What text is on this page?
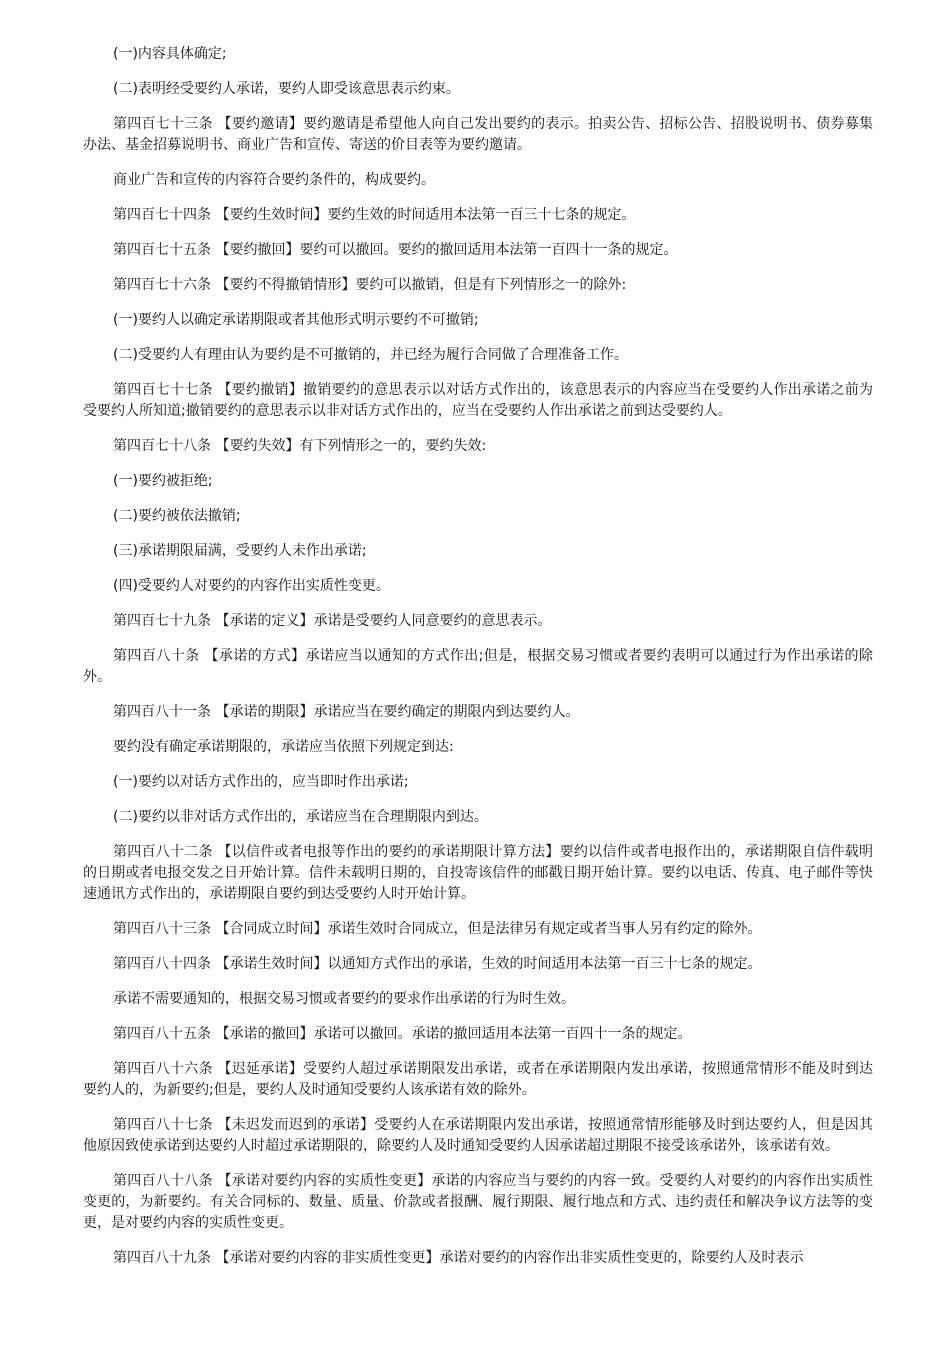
(一)内容具体确定;

(二)表明经受要约人承诺，要约人即受该意思表示约束。

第四百七十三条 【要约邀请】要约邀请是希望他人向自己发出要约的表示。拍卖公告、招标公告、招股说明书、债券募集办法、基金招募说明书、商业广告和宣传、寄送的价目表等为要约邀请。

商业广告和宣传的内容符合要约条件的，构成要约。

第四百七十四条 【要约生效时间】要约生效的时间适用本法第一百三十七条的规定。

第四百七十五条 【要约撤回】要约可以撤回。要约的撤回适用本法第一百四十一条的规定。

第四百七十六条 【要约不得撤销情形】要约可以撤销，但是有下列情形之一的除外:

(一)要约人以确定承诺期限或者其他形式明示要约不可撤销;

(二)受要约人有理由认为要约是不可撤销的，并已经为履行合同做了合理准备工作。

第四百七十七条 【要约撤销】撤销要约的意思表示以对话方式作出的，该意思表示的内容应当在受要约人作出承诺之前为受要约人所知道;撤销要约的意思表示以非对话方式作出的，应当在受要约人作出承诺之前到达受要约人。

第四百七十八条 【要约失效】有下列情形之一的，要约失效:

(一)要约被拒绝;

(二)要约被依法撤销;

(三)承诺期限届满，受要约人未作出承诺;

(四)受要约人对要约的内容作出实质性变更。

第四百七十九条 【承诺的定义】承诺是受要约人同意要约的意思表示。

第四百八十条 【承诺的方式】承诺应当以通知的方式作出;但是，根据交易习惯或者要约表明可以通过行为作出承诺的除外。

第四百八十一条 【承诺的期限】承诺应当在要约确定的期限内到达要约人。

要约没有确定承诺期限的，承诺应当依照下列规定到达:

(一)要约以对话方式作出的，应当即时作出承诺;

(二)要约以非对话方式作出的，承诺应当在合理期限内到达。

第四百八十二条 【以信件或者电报等作出的要约的承诺期限计算方法】要约以信件或者电报作出的，承诺期限自信件载明的日期或者电报交发之日开始计算。信件未载明日期的，自投寄该信件的邮戳日期开始计算。要约以电话、传真、电子邮件等快速通讯方式作出的，承诺期限自要约到达受要约人时开始计算。

第四百八十三条 【合同成立时间】承诺生效时合同成立，但是法律另有规定或者当事人另有约定的除外。

第四百八十四条 【承诺生效时间】以通知方式作出的承诺，生效的时间适用本法第一百三十七条的规定。

承诺不需要通知的，根据交易习惯或者要约的要求作出承诺的行为时生效。

第四百八十五条 【承诺的撤回】承诺可以撤回。承诺的撤回适用本法第一百四十一条的规定。

第四百八十六条 【迟延承诺】受要约人超过承诺期限发出承诺，或者在承诺期限内发出承诺，按照通常情形不能及时到达要约人的，为新要约;但是，要约人及时通知受要约人该承诺有效的除外。

第四百八十七条 【未迟发而迟到的承诺】受要约人在承诺期限内发出承诺，按照通常情形能够及时到达要约人，但是因其他原因致使承诺到达要约人时超过承诺期限的，除要约人及时通知受要约人因承诺超过期限不接受该承诺外，该承诺有效。

第四百八十八条 【承诺对要约内容的实质性变更】承诺的内容应当与要约的内容一致。受要约人对要约的内容作出实质性变更的，为新要约。有关合同标的、数量、质量、价款或者报酬、履行期限、履行地点和方式、违约责任和解决争议方法等的变更，是对要约内容的实质性变更。

第四百八十九条 【承诺对要约内容的非实质性变更】承诺对要约的内容作出非实质性变更的，除要约人及时表示
